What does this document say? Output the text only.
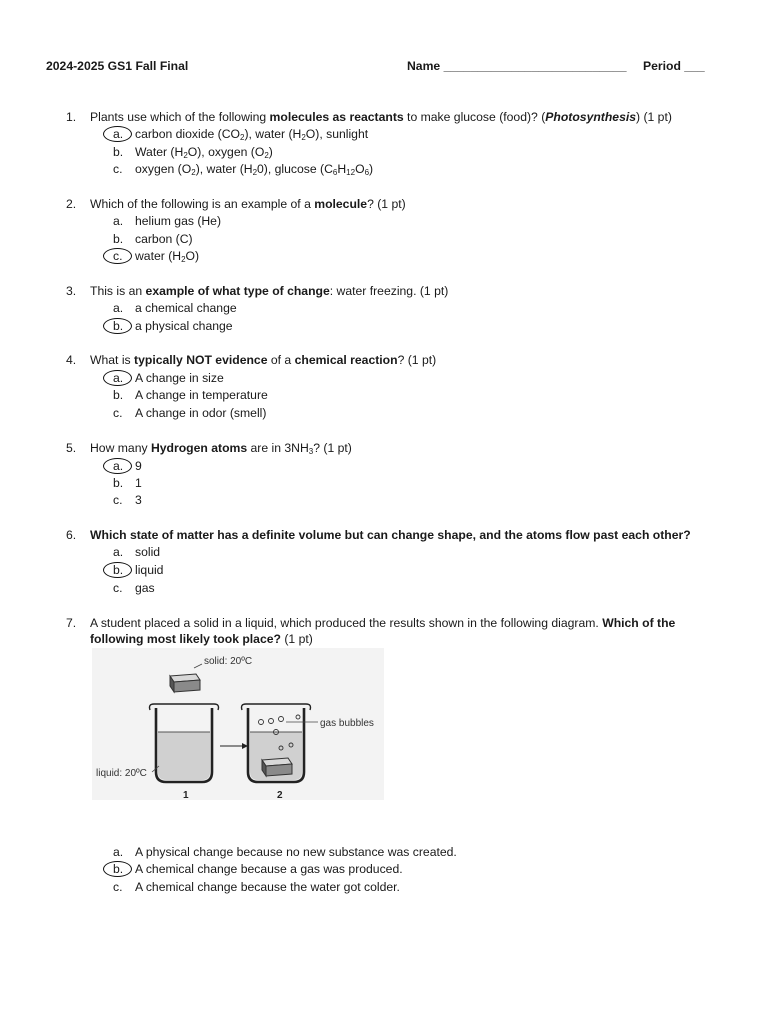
2024-2025 GS1 Fall Final	Name ___________________________ Period ___
1. Plants use which of the following molecules as reactants to make glucose (food)? (Photosynthesis) (1 pt)
a. carbon dioxide $(CO_2)$, water $(H_2O)$, sunlight
b. Water $(H_2O)$, oxygen $(O_2)$
c. oxygen $(O_2)$, water $(H_20)$, glucose $(C_6H_{12}O_6)$
2. Which of the following is an example of a molecule? (1 pt)
a. helium gas (He)
b. carbon (C)
c. water $(H_2O)$
3. This is an example of what type of change: water freezing. (1 pt)
a. a chemical change
b. a physical change
4. What is typically NOT evidence of a chemical reaction? (1 pt)
a. A change in size
b. A change in temperature
c. A change in odor (smell)
5. How many Hydrogen atoms are in $3NH_3$? (1 pt)
a. 9
b. 1
c. 3
6. Which state of matter has a definite volume but can change shape, and the atoms flow past each other?
a. solid
b. liquid
c. gas
7. A student placed a solid in a liquid, which produced the results shown in the following diagram. Which of the
following most likely took place? (1 pt)
solid: 20ºC
liquid: 20ºC
gas bubbles
1	2
a. A physical change because no new substance was created.
b. A chemical change because a gas was produced.
c. A chemical change because the water got colder.
